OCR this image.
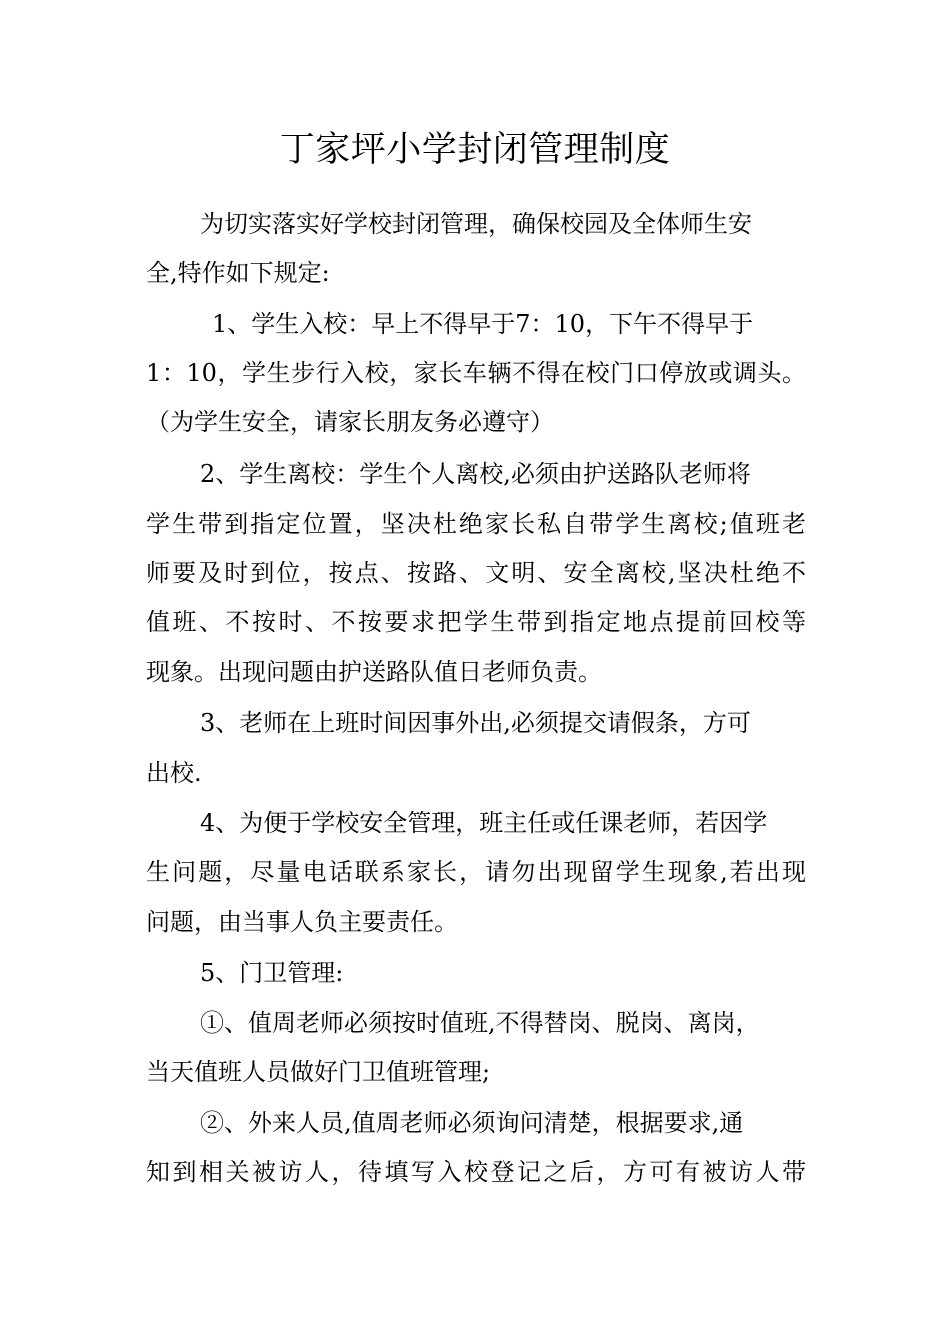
丁家坪小学封闭管理制度
为切实落实好学校封闭管理，确保校园及全体师生安
全,特作如下规定:
1、学生入校：早上不得早于7：10，下午不得早于
1：10，学生步行入校，家长车辆不得在校门口停放或调头。
（为学生安全，请家长朋友务必遵守）
2、学生离校：学生个人离校,必须由护送路队老师将
学生带到指定位置，坚决杜绝家长私自带学生离校;值班老
师要及时到位，按点、按路、文明、安全离校,坚决杜绝不
值班、不按时、不按要求把学生带到指定地点提前回校等
现象。出现问题由护送路队值日老师负责。
3、老师在上班时间因事外出,必须提交请假条，方可
出校.
4、为便于学校安全管理，班主任或任课老师，若因学
生问题，尽量电话联系家长，请勿出现留学生现象,若出现
问题，由当事人负主要责任。
5、门卫管理:
①、值周老师必须按时值班,不得替岗、脱岗、离岗，
当天值班人员做好门卫值班管理;
②、外来人员,值周老师必须询问清楚，根据要求,通
知到相关被访人，待填写入校登记之后，方可有被访人带
